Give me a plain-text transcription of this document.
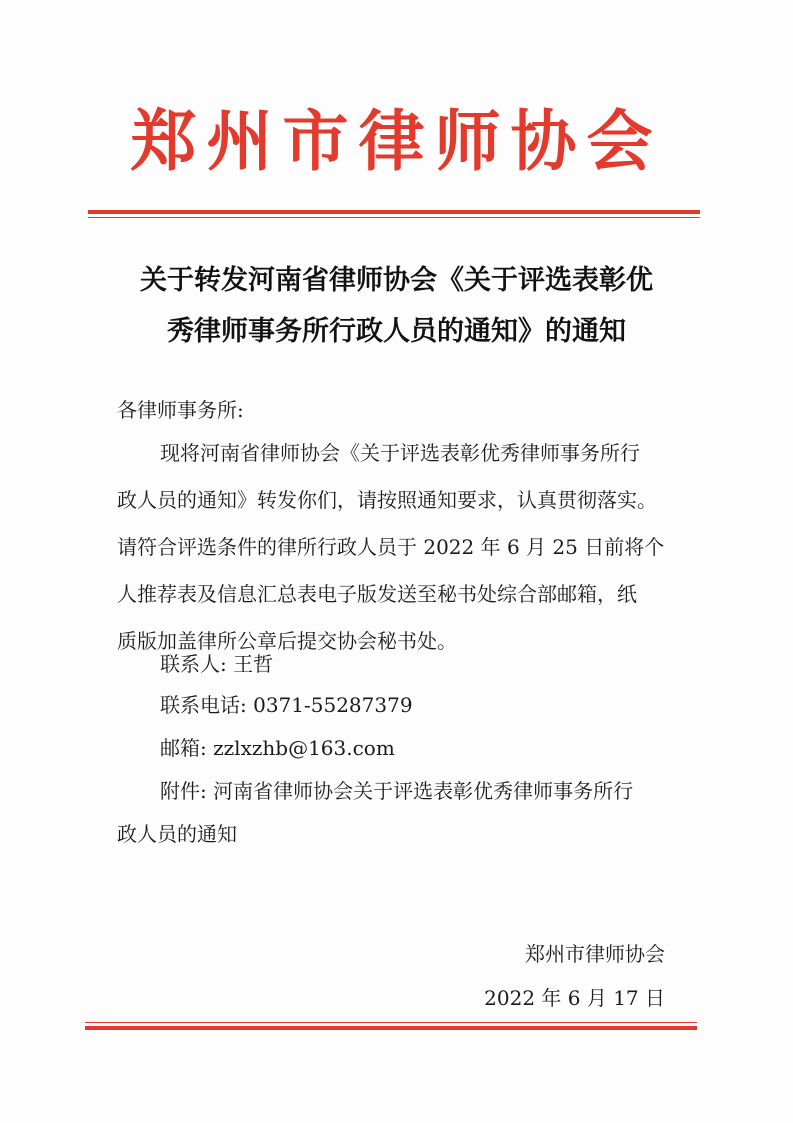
郑州市律师协会
关于转发河南省律师协会《关于评选表彰优
秀律师事务所行政人员的通知》的通知
各律师事务所:
现将河南省律师协会《关于评选表彰优秀律师事务所行
政人员的通知》转发你们，请按照通知要求，认真贯彻落实。
请符合评选条件的律所行政人员于 2022 年 6 月 25 日前将个
人推荐表及信息汇总表电子版发送至秘书处综合部邮箱，纸
质版加盖律所公章后提交协会秘书处。
联系人: 王哲
联系电话: 0371-55287379
邮箱: zzlxzhb@163.com
附件: 河南省律师协会关于评选表彰优秀律师事务所行
政人员的通知
郑州市律师协会
2022 年 6 月 17 日
